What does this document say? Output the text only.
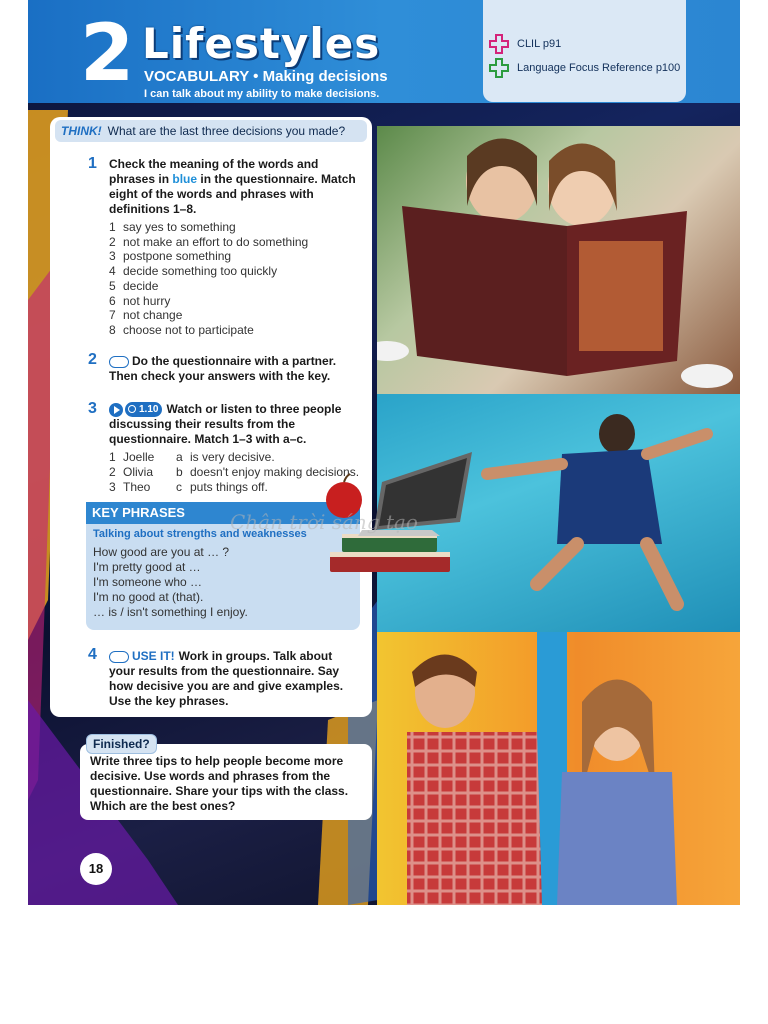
2 Lifestyles
VOCABULARY • Making decisions
I can talk about my ability to make decisions.
CLIL p91
Language Focus Reference p100
THINK! What are the last three decisions you made?
1 Check the meaning of the words and phrases in blue in the questionnaire. Match eight of the words and phrases with definitions 1–8.
1 say yes to something
2 not make an effort to do something
3 postpone something
4 decide something too quickly
5 decide
6 not hurry
7 not change
8 choose not to participate
2	Do the questionnaire with a partner. Then check your answers with the key.
3	1.10 Watch or listen to three people discussing their results from the questionnaire. Match 1–3 with a–c.
1 Joelle a is very decisive.
2 Olivia b doesn't enjoy making decisions.
3 Theo c puts things off.
KEY PHRASES
Talking about strengths and weaknesses
How good are you at … ?
I'm pretty good at …
I'm someone who …
I'm no good at (that).
… is / isn't something I enjoy.
Chân trời sáng tạo
4	USE IT! Work in groups. Talk about your results from the questionnaire. Say how decisive you are and give examples. Use the key phrases.
Finished?
Write three tips to help people become more decisive. Use words and phrases from the questionnaire. Share your tips with the class. Which are the best ones?
18
